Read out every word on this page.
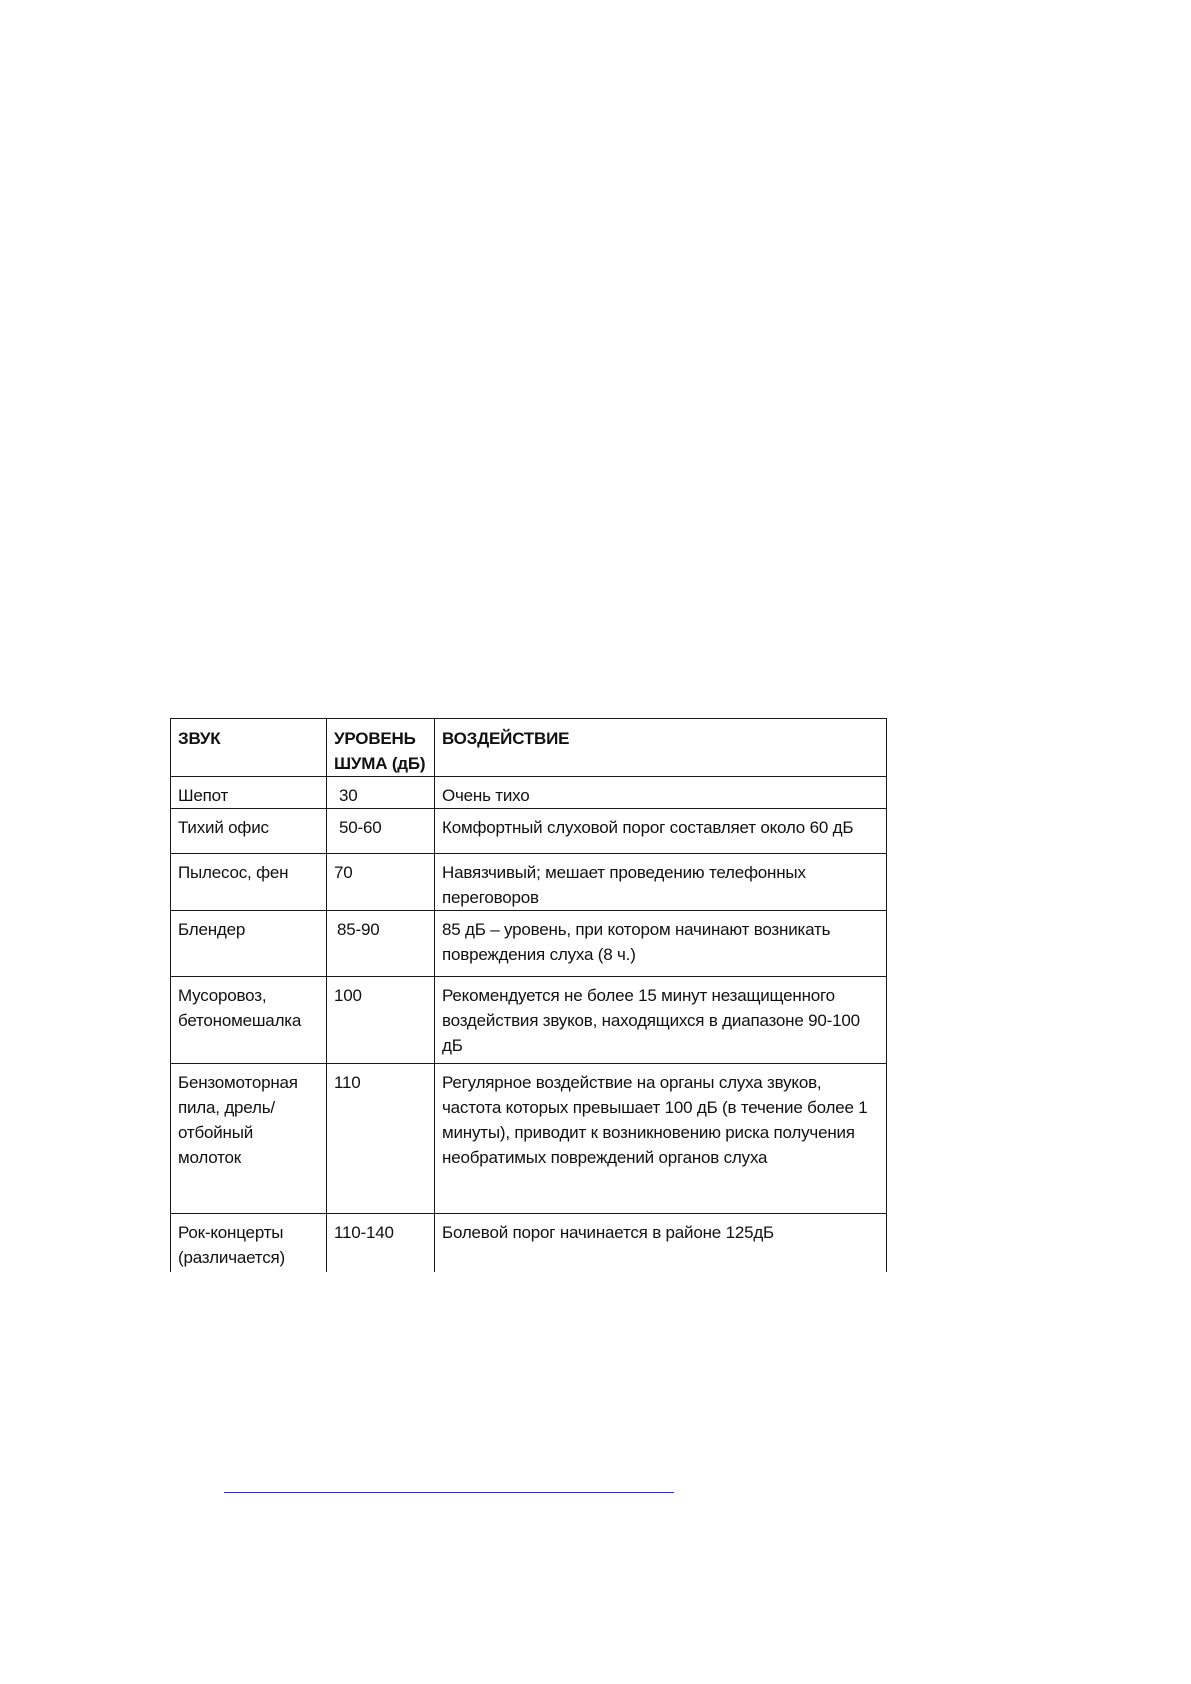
ЗВУК	УРОВЕНЬ ШУМА (дБ)	ВОЗДЕЙСТВИЕ
Шепот	30	Очень тихо
Тихий офис	50-60	Комфортный слуховой порог составляет около 60 дБ
Пылесос, фен	70	Навязчивый; мешает проведению телефонных переговоров
Блендер	85-90	85 дБ – уровень, при котором начинают возникать повреждения слуха (8 ч.)
Мусоровоз, бетономешалка	100	Рекомендуется не более 15 минут незащищенного воздействия звуков, находящихся в диапазоне 90-100 дБ
Бензомоторная пила, дрель/отбойный молоток	110	Регулярное воздействие на органы слуха звуков, частота которых превышает 100 дБ (в течение более 1 минуты), приводит к возникновению риска получения необратимых повреждений органов слуха
Рок-концерты (различается)	110-140	Болевой порог начинается в районе 125дБ
